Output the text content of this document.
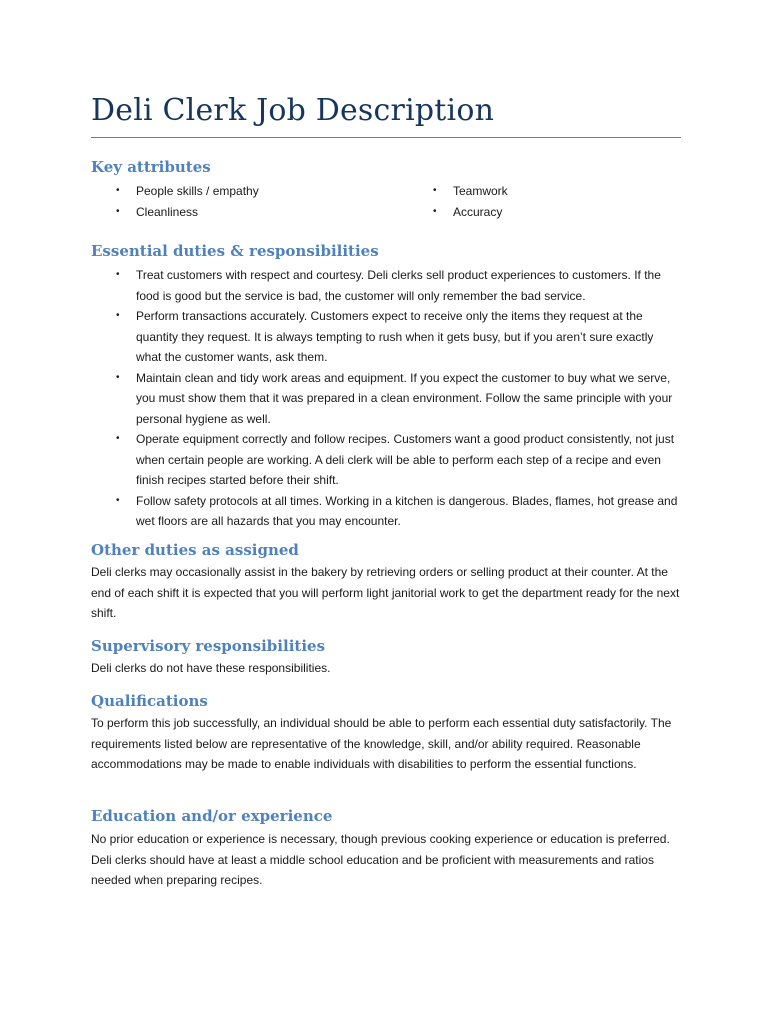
Deli Clerk Job Description
Key attributes
• People skills / empathy
• Cleanliness
• Teamwork
• Accuracy
Essential duties & responsibilities
• Treat customers with respect and courtesy. Deli clerks sell product experiences to customers. If the food is good but the service is bad, the customer will only remember the bad service.
• Perform transactions accurately. Customers expect to receive only the items they request at the quantity they request. It is always tempting to rush when it gets busy, but if you aren’t sure exactly what the customer wants, ask them.
• Maintain clean and tidy work areas and equipment. If you expect the customer to buy what we serve, you must show them that it was prepared in a clean environment. Follow the same principle with your personal hygiene as well.
• Operate equipment correctly and follow recipes. Customers want a good product consistently, not just when certain people are working. A deli clerk will be able to perform each step of a recipe and even finish recipes started before their shift.
• Follow safety protocols at all times. Working in a kitchen is dangerous. Blades, flames, hot grease and wet floors are all hazards that you may encounter.
Other duties as assigned
Deli clerks may occasionally assist in the bakery by retrieving orders or selling product at their counter. At the end of each shift it is expected that you will perform light janitorial work to get the department ready for the next shift.
Supervisory responsibilities
Deli clerks do not have these responsibilities.
Qualifications
To perform this job successfully, an individual should be able to perform each essential duty satisfactorily. The requirements listed below are representative of the knowledge, skill, and/or ability required. Reasonable accommodations may be made to enable individuals with disabilities to perform the essential functions.
Education and/or experience
No prior education or experience is necessary, though previous cooking experience or education is preferred. Deli clerks should have at least a middle school education and be proficient with measurements and ratios needed when preparing recipes.
